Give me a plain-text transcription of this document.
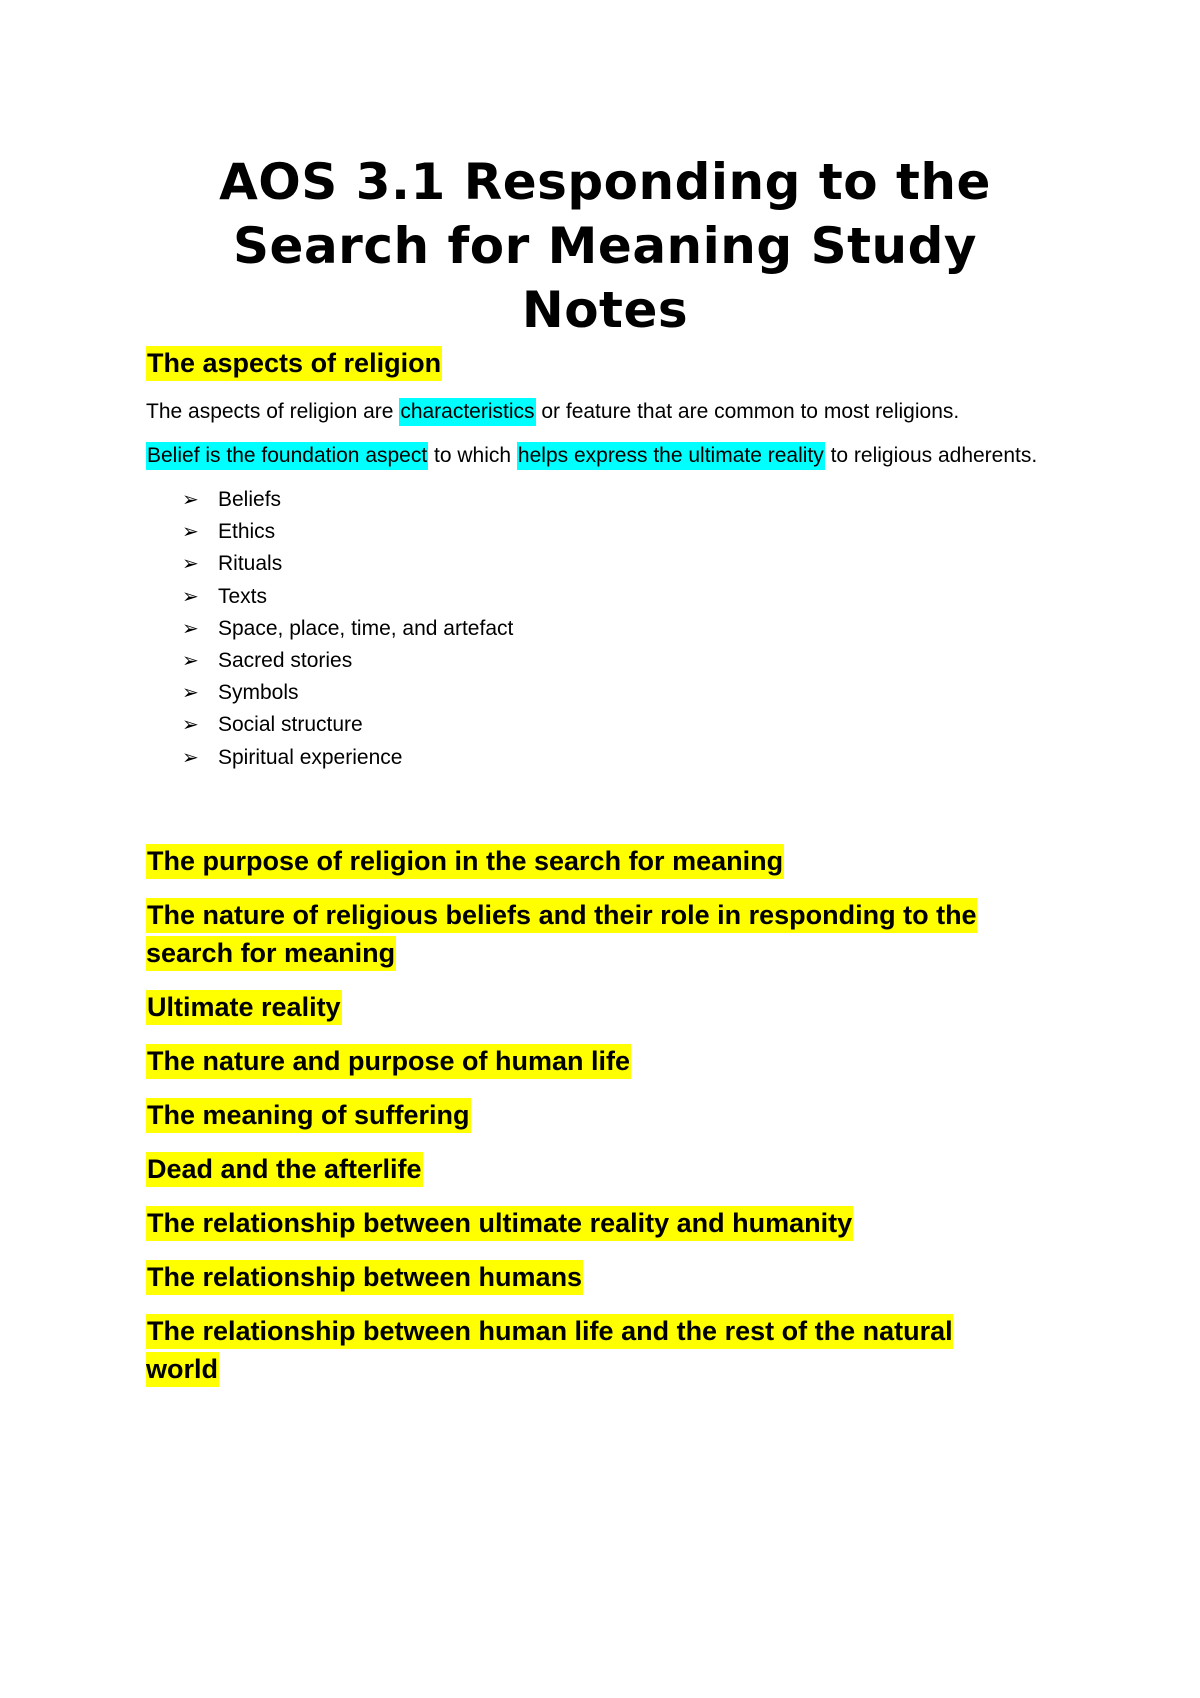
AOS 3.1 Responding to the Search for Meaning Study Notes
The aspects of religion

The aspects of religion are characteristics or feature that are common to most religions.

Belief is the foundation aspect to which helps express the ultimate reality to religious adherents.

➢ Beliefs
➢ Ethics
➢ Rituals
➢ Texts
➢ Space, place, time, and artefact
➢ Sacred stories
➢ Symbols
➢ Social structure
➢ Spiritual experience
The purpose of religion in the search for meaning
The nature of religious beliefs and their role in responding to the search for meaning
Ultimate reality
The nature and purpose of human life
The meaning of suffering
Dead and the afterlife
The relationship between ultimate reality and humanity
The relationship between humans
The relationship between human life and the rest of the natural world
